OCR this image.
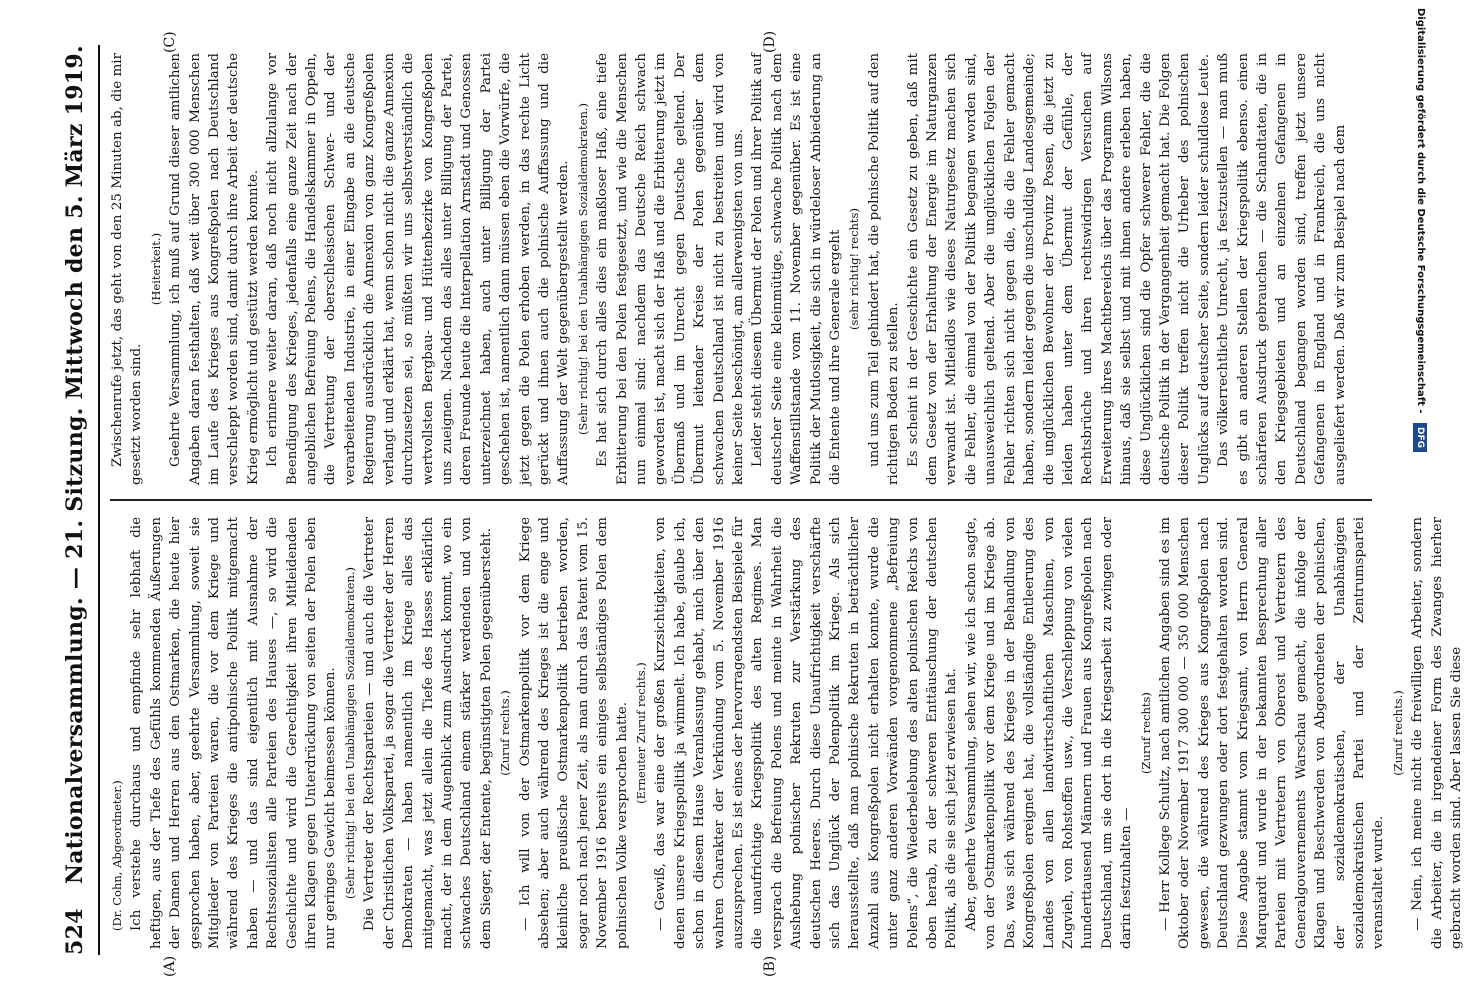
524
Nationalversammlung. — 21. Sitzung. Mittwoch den 5. März 1919.
(A)	(B)
(C)	(D)

(Dr. Cohn, Abgeordneter.) Ich verstehe durchaus und empfinde sehr lebhaft die heftigen, aus der Tiefe des Gefühls kommenden Äußerungen der Damen und Herren aus den Ostmarken, die heute hier gesprochen haben, aber, geehrte Versammlung, soweit sie Mitglieder von Parteien waren, die vor dem Kriege und während des Krieges die antipolnische Politik mitgemacht haben — und das sind eigentlich mit Ausnahme der Rechtssozialisten alle Parteien des Hauses —, so wird die Geschichte und wird die Gerechtigkeit ihren Mitleidenden ihren Klagen gegen Unterdrückung von seiten der Polen eben nur geringes Gewicht beimessen können. (Sehr richtig! bei den Unabhängigen Sozialdemokraten.) Die Vertreter der Rechtsparteien — und auch die Vertreter der Christlichen Volkspartei, ja sogar die Vertreter der Herren Demokraten — haben namentlich im Kriege alles das mitgemacht, was jetzt allein die Tiefe des Hasses erklärlich macht, der in dem Augenblick zum Ausdruck kommt, wo ein schwaches Deutschland einem stärker werdenden und von dem Sieger, der Entente, begünstigten Polen gegenübersteht. (Zuruf rechts.) — Ich will von der Ostmarkenpolitik vor dem Kriege absehen; aber auch während des Krieges ist die enge und kleinliche preußische Ostmarkenpolitik betrieben worden, sogar noch nach jener Zeit, als man durch das Patent vom 15. November 1916 bereits ein einiges selbständiges Polen dem polnischen Volke versprochen hatte. (Erneuter Zuruf rechts.) — Gewiß, das war eine der großen Kurzsichtigkeiten, von denen unsere Kriegspolitik ja wimmelt. Ich habe, glaube ich, schon in diesem Hause Veranlassung gehabt, mich über den wahren Charakter der Verkündung vom 5. November 1916 auszusprechen. Es ist eines der hervorragendsten Beispiele für die unaufrichtige Kriegspolitik des alten Regimes. Man versprach die Befreiung Polens und meinte in Wahrheit die Aushebung polnischer Rekruten zur Verstärkung des deutschen Heeres. Durch diese Unaufrichtigkeit verschärfte sich das Unglück der Polenpolitik im Kriege. Als sich herausstellte, daß man polnische Rekruten in beträchtlicher Anzahl aus Kongreßpolen nicht erhalten konnte, wurde die unter ganz anderen Vorwänden vorgenommene „Befreiung Polens“, die Wiederbelebung des alten polnischen Reichs von oben herab, zu der schweren Enttäuschung der deutschen Politik, als die sie sich jetzt erwiesen hat. Aber, geehrte Versammlung, sehen wir, wie ich schon sagte, von der Ostmarkenpolitik vor dem Kriege und im Kriege ab. Das, was sich während des Krieges in der Behandlung von Kongreßpolen ereignet hat, die vollständige Entleerung des Landes von allen landwirtschaftlichen Maschinen, von Zugvieh, von Rohstoffen usw., die Verschleppung von vielen hunderttausend Männern und Frauen aus Kongreßpolen nach Deutschland, um sie dort in die Kriegsarbeit zu zwingen oder darin festzuhalten —

(Zuruf rechts) — Herr Kollege Schultz, nach amtlichen Angaben sind es im Oktober oder November 1917 300 000 — 350 000 Menschen gewesen, die während des Krieges aus Kongreßpolen nach Deutschland gezwungen oder dort festgehalten worden sind. Diese Angabe stammt vom Kriegsamt, von Herrn General Marquardt und wurde in der bekannten Besprechung aller Parteien mit Vertretern von Oberost und Vertretern des Generalgouvernements Warschau gemacht, die infolge der Klagen und Beschwerden von Abgeordneten der polnischen, der sozialdemokratischen, der Unabhängigen sozialdemokratischen Partei und der Zentrumspartei veranstaltet wurde.

(Zuruf rechts.) — Nein, ich meine nicht die freiwilligen Arbeiter, sondern die Arbeiter, die in irgendeiner Form des Zwanges hierher gebracht worden sind. Aber lassen Sie diese

Zwischenrufe jetzt, das geht von den 25 Minuten ab, die mir gesetzt worden sind.

(Heiterkeit.) Geehrte Versammlung, ich muß auf Grund dieser amtlichen Angaben daran festhalten, daß weit über 300 000 Menschen im Laufe des Krieges aus Kongreßpolen nach Deutschland verschleppt worden sind, damit durch ihre Arbeit der deutsche Krieg ermöglicht und gestützt werden konnte. Ich erinnere weiter daran, daß noch nicht allzulange vor Beendigung des Krieges, jedenfalls eine ganze Zeit nach der angeblichen Befreiung Polens, die Handelskammer in Oppeln, die Vertretung der oberschlesischen Schwer- und der verarbeitenden Industrie, in einer Eingabe an die deutsche Regierung ausdrücklich die Annexion von ganz Kongreßpolen verlangt und erklärt hat, wenn schon nicht die ganze Annexion durchzusetzen sei, so müßten wir uns selbstverständlich die wertvollsten Bergbau- und Hüttenbezirke von Kongreßpolen uns zueignen. Nachdem das alles unter Billigung der Partei, deren Freunde heute die Interpellation Arnstadt und Genossen unterzeichnet haben, auch unter Billigung der Partei geschehen ist, namentlich dann müssen eben die Vorwürfe, die jetzt gegen die Polen erhoben werden, in das rechte Licht gerückt und ihnen auch die polnische Auffassung und die Auffassung der Welt gegenübergestellt werden. (Sehr richtig! bei den Unabhängigen Sozialdemokraten.) Es hat sich durch alles dies ein maßloser Haß, eine tiefe Erbitterung bei den Polen festgesetzt, und wie die Menschen nun einmal sind: nachdem das Deutsche Reich schwach geworden ist, macht sich der Haß und die Erbitterung jetzt im Übermaß und im Unrecht gegen Deutsche geltend. Der Übermut leitender Kreise der Polen gegenüber dem schwachen Deutschland ist nicht zu bestreiten und wird von keiner Seite beschönigt, am allerwenigsten von uns. Leider steht diesem Übermut der Polen und ihrer Politik auf deutscher Seite eine kleinmütige, schwache Politik nach dem Waffenstillstande vom 11. November gegenüber. Es ist eine Politik der Mutlosigkeit, die sich in würdeloser Anbiederung an die Entente und ihre Generale ergeht (sehr richtig! rechts) und uns zum Teil gehindert hat, die polnische Politik auf den richtigen Boden zu stellen. Es scheint in der Geschichte ein Gesetz zu geben, daß mit dem Gesetz von der Erhaltung der Energie im Naturganzen verwandt ist. Mitleidlos wie dieses Naturgesetz machen sich die Fehler, die einmal von der Politik begangen worden sind, unausweichlich geltend. Aber die unglücklichen Folgen der Fehler richten sich nicht gegen die, die die Fehler gemacht haben, sondern leider gegen die unschuldige Landesgemeinde; die unglücklichen Bewohner der Provinz Posen, die jetzt zu leiden haben unter dem Übermut der Gefühle, der Rechtsbrüche und ihren rechtswidrigen Versuchen auf Erweiterung ihres Machtbereichs über das Programm Wilsons hinaus, daß sie selbst und mit ihnen andere erleben haben, diese Unglücklichen sind die Opfer schwerer Fehler, die die deutsche Politik in der Vergangenheit gemacht hat. Die Folgen dieser Politik treffen nicht die Urheber des polnischen Unglücks auf deutscher Seite, sondern leider schuldlose Leute. Das völkerrechtliche Unrecht, ja festzustellen — man muß es gibt an anderen Stellen der Kriegspolitik ebenso. einen schärferen Ausdruck gebrauchen — die Schandtaten, die in den Kriegsgebieten und an einzelnen Gefangenen in Deutschland begangen worden sind, treffen jetzt unsere Gefangenen in England und in Frankreich, die uns nicht ausgeliefert werden. Daß wir zum Beispiel nach dem	Digitalisierung gefördert durch die Deutsche Forschungsgemeinschaft - DFG
